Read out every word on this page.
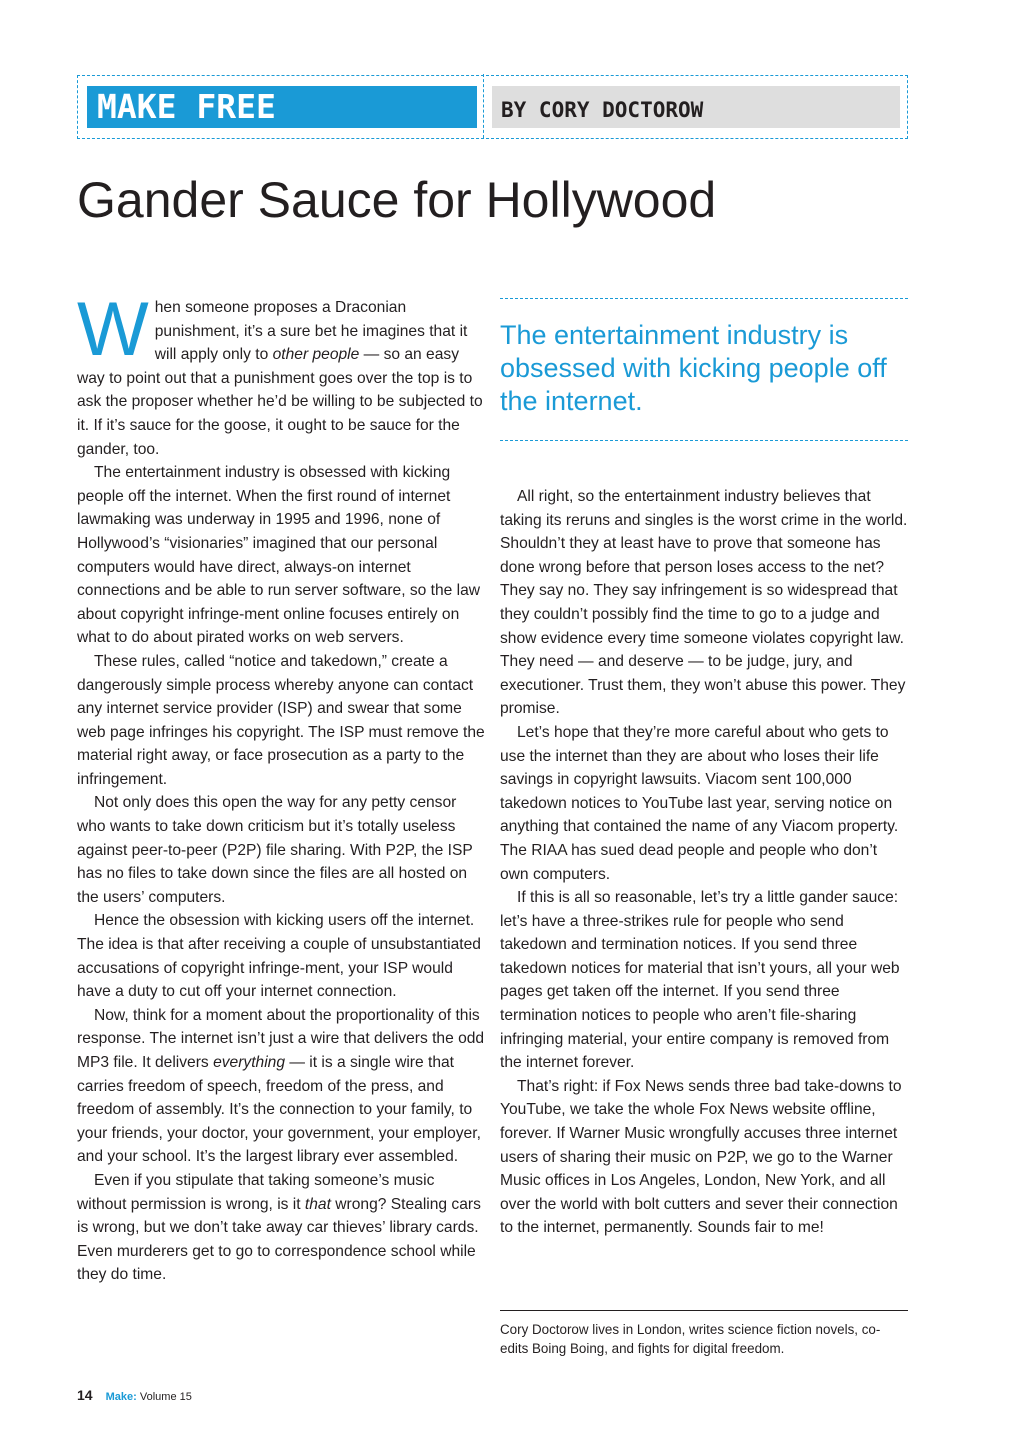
MAKE FREE	BY CORY DOCTOROW
Gander Sauce for Hollywood

When someone proposes a Draconian punishment, it’s a sure bet he imagines that it will apply only to other people — so an easy way to point out that a punishment goes over the top is to ask the proposer whether he’d be willing to be subjected to it. If it’s sauce for the goose, it ought to be sauce for the gander, too.

The entertainment industry is obsessed with kicking people off the internet. When the first round of internet lawmaking was underway in 1995 and 1996, none of Hollywood’s “visionaries” imagined that our personal computers would have direct, always-on internet connections and be able to run server software, so the law about copyright infringe-ment online focuses entirely on what to do about pirated works on web servers.

These rules, called “notice and takedown,” create a dangerously simple process whereby anyone can contact any internet service provider (ISP) and swear that some web page infringes his copyright. The ISP must remove the material right away, or face prosecution as a party to the infringement.

Not only does this open the way for any petty censor who wants to take down criticism but it’s totally useless against peer-to-peer (P2P) file sharing. With P2P, the ISP has no files to take down since the files are all hosted on the users’ computers.

Hence the obsession with kicking users off the internet. The idea is that after receiving a couple of unsubstantiated accusations of copyright infringe-ment, your ISP would have a duty to cut off your internet connection.

Now, think for a moment about the proportionality of this response. The internet isn’t just a wire that delivers the odd MP3 file. It delivers everything — it is a single wire that carries freedom of speech, freedom of the press, and freedom of assembly. It’s the connection to your family, to your friends, your doctor, your government, your employer, and your school. It’s the largest library ever assembled.

Even if you stipulate that taking someone’s music without permission is wrong, is it that wrong? Stealing cars is wrong, but we don’t take away car thieves’ library cards. Even murderers get to go to correspondence school while they do time.

The entertainment industry is obsessed with kicking people off the internet.

All right, so the entertainment industry believes that taking its reruns and singles is the worst crime in the world. Shouldn’t they at least have to prove that someone has done wrong before that person loses access to the net? They say no. They say infringement is so widespread that they couldn’t possibly find the time to go to a judge and show evidence every time someone violates copyright law. They need — and deserve — to be judge, jury, and executioner. Trust them, they won’t abuse this power. They promise.

Let’s hope that they’re more careful about who gets to use the internet than they are about who loses their life savings in copyright lawsuits. Viacom sent 100,000 takedown notices to YouTube last year, serving notice on anything that contained the name of any Viacom property. The RIAA has sued dead people and people who don’t own computers.

If this is all so reasonable, let’s try a little gander sauce: let’s have a three-strikes rule for people who send takedown and termination notices. If you send three takedown notices for material that isn’t yours, all your web pages get taken off the internet. If you send three termination notices to people who aren’t file-sharing infringing material, your entire company is removed from the internet forever.

That’s right: if Fox News sends three bad take-downs to YouTube, we take the whole Fox News website offline, forever. If Warner Music wrongfully accuses three internet users of sharing their music on P2P, we go to the Warner Music offices in Los Angeles, London, New York, and all over the world with bolt cutters and sever their connection to the internet, permanently. Sounds fair to me!

Cory Doctorow lives in London, writes science fiction novels, co-edits Boing Boing, and fights for digital freedom.
14 Make: Volume 15
